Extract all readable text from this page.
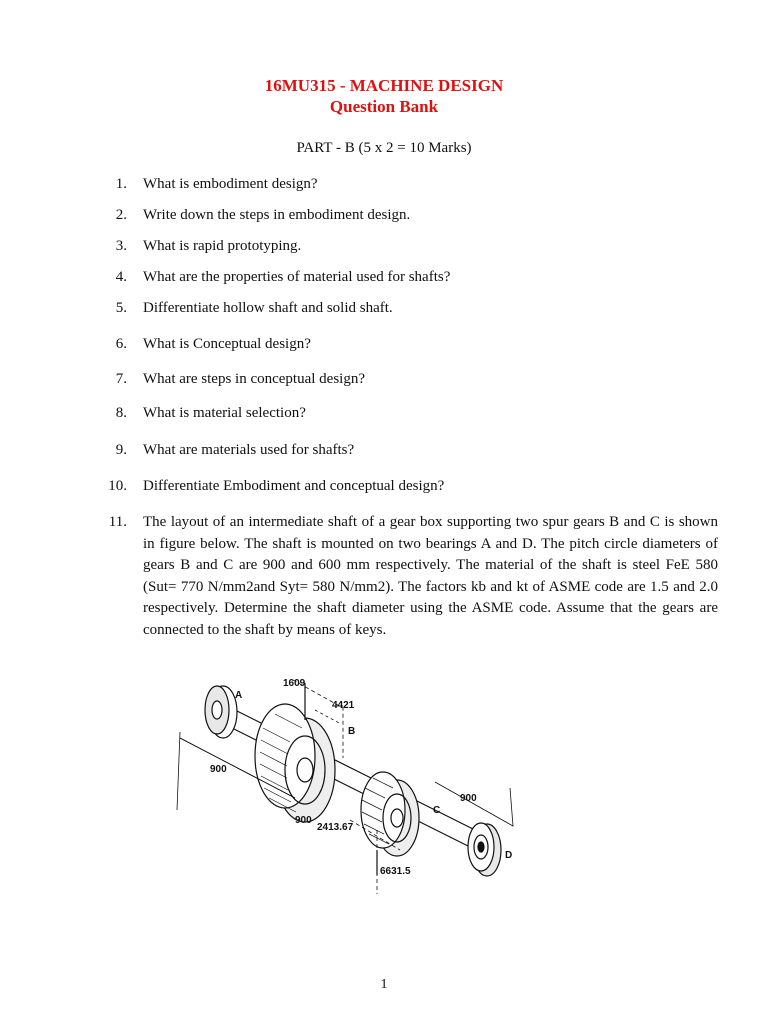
16MU315 - MACHINE DESIGN
Question Bank
PART - B (5 x 2 = 10 Marks)
1. What is embodiment design?
2. Write down the steps in embodiment design.
3. What is rapid prototyping.
4. What are the properties of material used for shafts?
5. Differentiate hollow shaft and solid shaft.
6. What is Conceptual design?
7. What are steps in conceptual design?
8. What is material selection?
9. What are materials used for shafts?
10. Differentiate Embodiment and conceptual design?
11. The layout of an intermediate shaft of a gear box supporting two spur gears B and C is shown in figure below. The shaft is mounted on two bearings A and D. The pitch circle diameters of gears B and C are 900 and 600 mm respectively. The material of the shaft is steel FeE 580 (Sut= 770 N/mm2and Syt= 580 N/mm2). The factors kb and kt of ASME code are 1.5 and 2.0 respectively. Determine the shaft diameter using the ASME code. Assume that the gears are connected to the shaft by means of keys.
A
1609
4421
B
900
900
C
900
2413.67
D
6631.5
1
